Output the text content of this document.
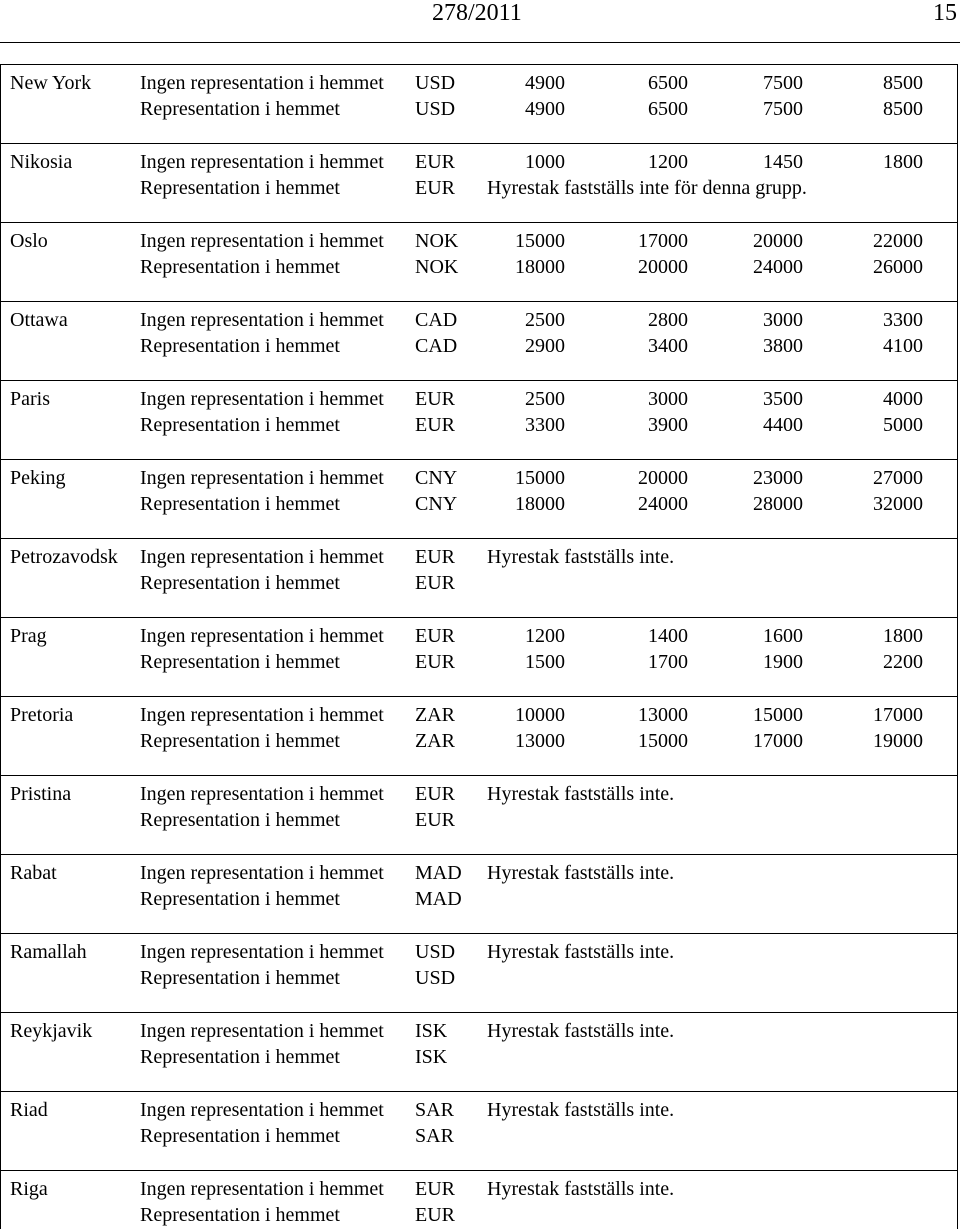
278/2011	15
New York	Ingen representation i hemmet	USD	4900	6500	7500	8500
Representation i hemmet	USD	4900	6500	7500	8500
Nikosia	Ingen representation i hemmet	EUR	1000	1200	1450	1800
Representation i hemmet	EUR	Hyrestak fastställs inte för denna grupp.
Oslo	Ingen representation i hemmet	NOK	15000	17000	20000	22000
Representation i hemmet	NOK	18000	20000	24000	26000
Ottawa	Ingen representation i hemmet	CAD	2500	2800	3000	3300
Representation i hemmet	CAD	2900	3400	3800	4100
Paris	Ingen representation i hemmet	EUR	2500	3000	3500	4000
Representation i hemmet	EUR	3300	3900	4400	5000
Peking	Ingen representation i hemmet	CNY	15000	20000	23000	27000
Representation i hemmet	CNY	18000	24000	28000	32000
Petrozavodsk	Ingen representation i hemmet	EUR	Hyrestak fastställs inte.
Representation i hemmet	EUR
Prag	Ingen representation i hemmet	EUR	1200	1400	1600	1800
Representation i hemmet	EUR	1500	1700	1900	2200
Pretoria	Ingen representation i hemmet	ZAR	10000	13000	15000	17000
Representation i hemmet	ZAR	13000	15000	17000	19000
Pristina	Ingen representation i hemmet	EUR	Hyrestak fastställs inte.
Representation i hemmet	EUR
Rabat	Ingen representation i hemmet	MAD	Hyrestak fastställs inte.
Representation i hemmet	MAD
Ramallah	Ingen representation i hemmet	USD	Hyrestak fastställs inte.
Representation i hemmet	USD
Reykjavik	Ingen representation i hemmet	ISK	Hyrestak fastställs inte.
Representation i hemmet	ISK
Riad	Ingen representation i hemmet	SAR	Hyrestak fastställs inte.
Representation i hemmet	SAR
Riga	Ingen representation i hemmet	EUR	Hyrestak fastställs inte.
Representation i hemmet	EUR
